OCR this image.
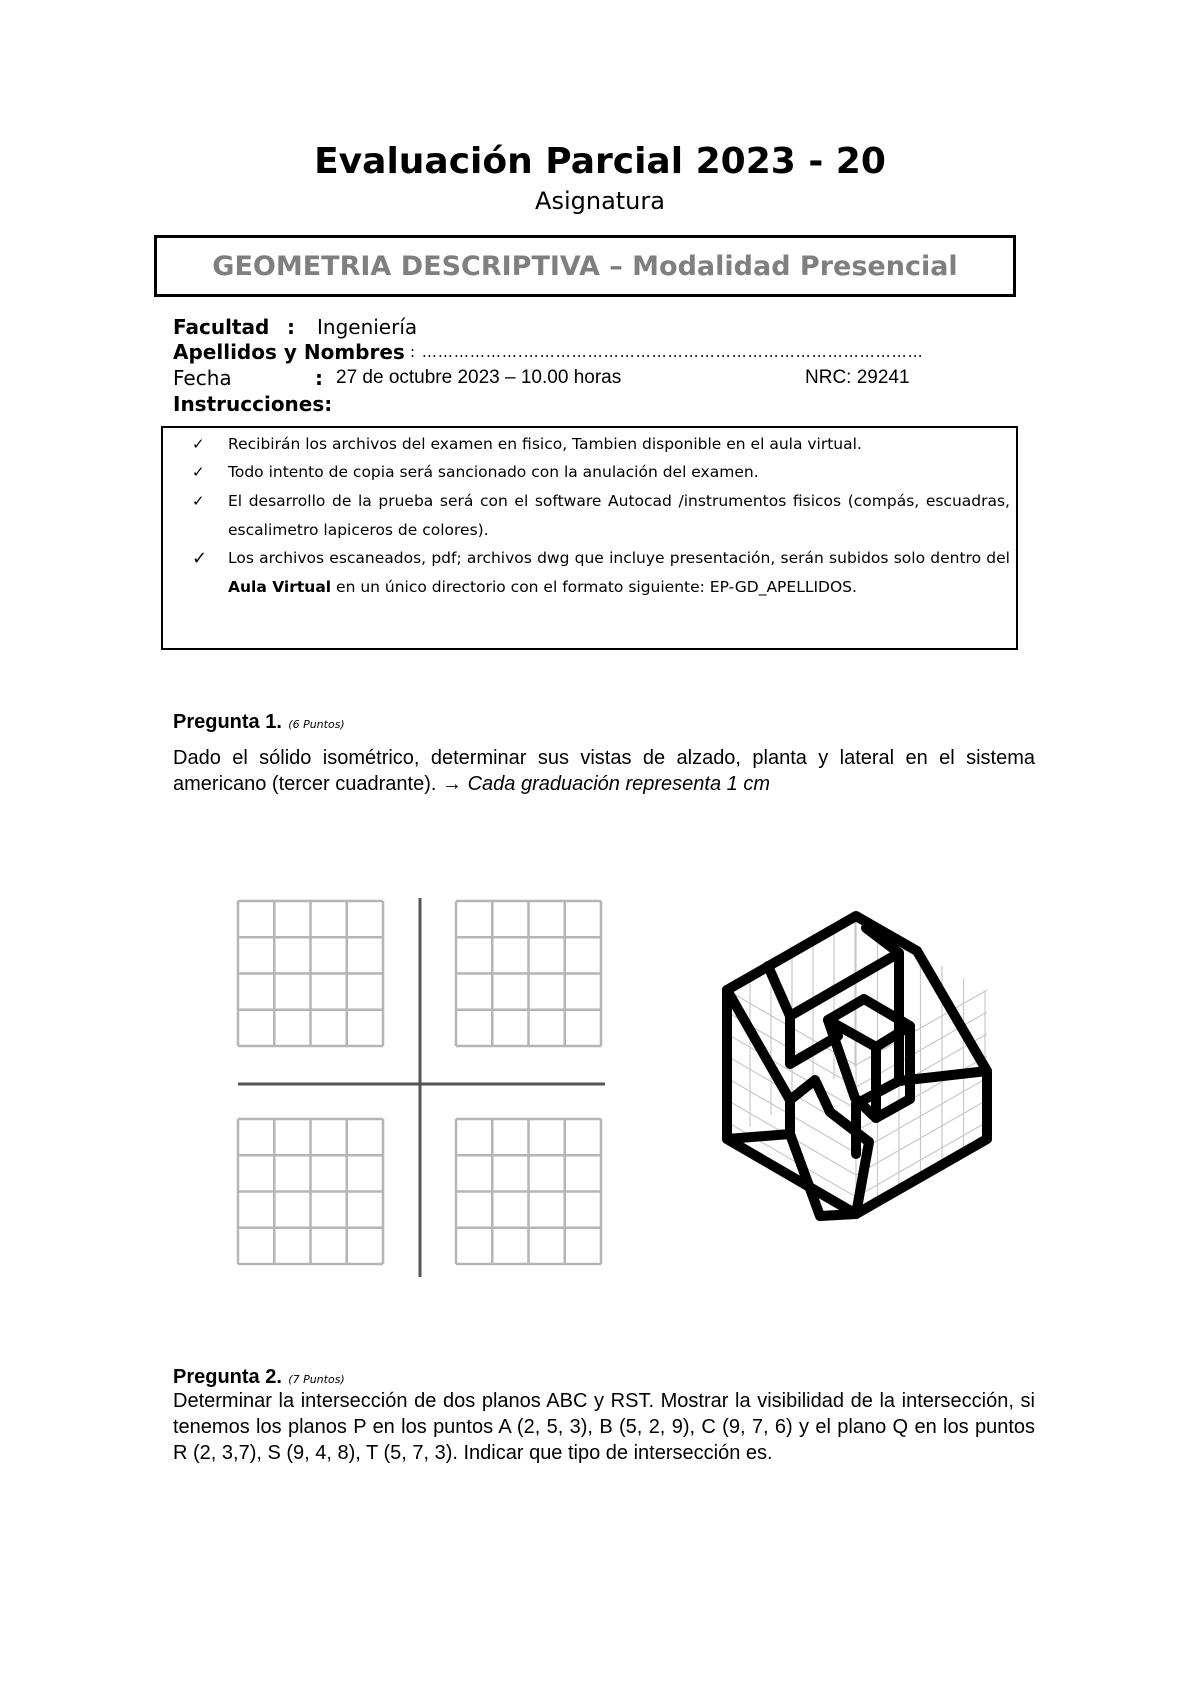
Evaluación Parcial 2023 - 20
Asignatura
GEOMETRIA DESCRIPTIVA – Modalidad Presencial
Facultad : Ingeniería
Apellidos y Nombres : ……………….…………………………………………………………………
Fecha	: 27 de octubre 2023 – 10.00 horas	NRC: 29241
Instrucciones:
✓ Recibirán los archivos del examen en fisico, Tambien disponible en el aula virtual.
✓ Todo intento de copia será sancionado con la anulación del examen.
✓ El desarrollo de la prueba será con el software Autocad /instrumentos fisicos (compás, escuadras, escalimetro lapiceros de colores).
✓ Los archivos escaneados, pdf; archivos dwg que incluye presentación, serán subidos solo dentro del Aula Virtual en un único directorio con el formato siguiente: EP-GD_APELLIDOS.
Pregunta 1. (6 Puntos)
Dado el sólido isométrico, determinar sus vistas de alzado, planta y lateral en el sistema americano (tercer cuadrante). → Cada graduación representa 1 cm
Pregunta 2. (7 Puntos)
Determinar la intersección de dos planos ABC y RST. Mostrar la visibilidad de la intersección, si tenemos los planos P en los puntos A (2, 5, 3), B (5, 2, 9), C (9, 7, 6) y el plano Q en los puntos R (2, 3,7), S (9, 4, 8), T (5, 7, 3). Indicar que tipo de intersección es.
